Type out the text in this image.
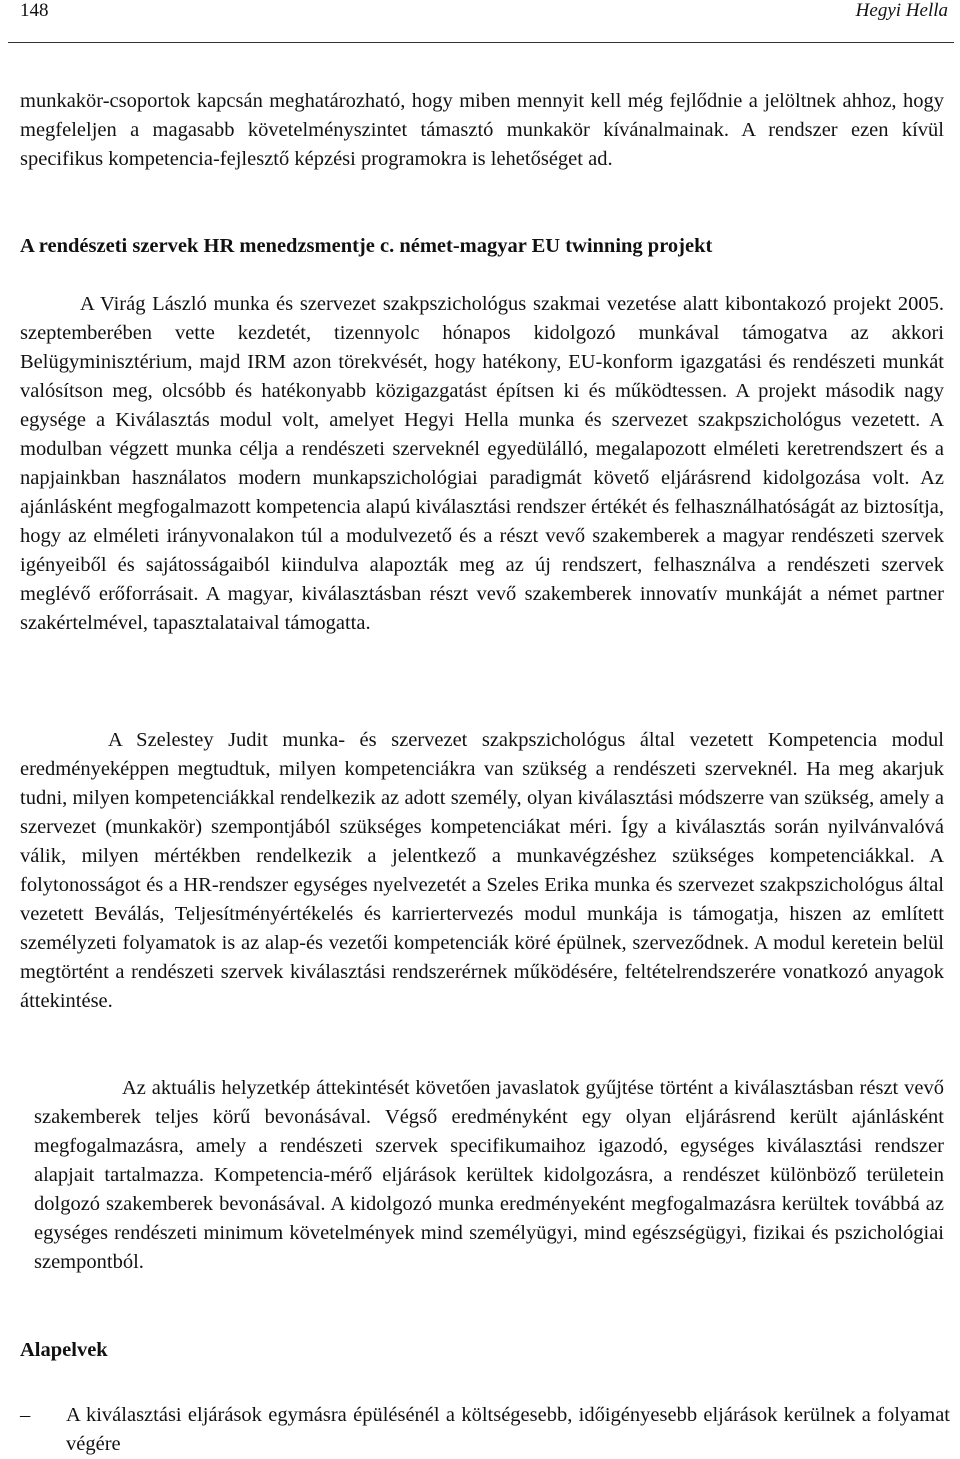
148	Hegyi Hella
munkakör-csoportok kapcsán meghatározható, hogy miben mennyit kell még fejlődnie a jelöltnek ahhoz, hogy megfeleljen a magasabb követelményszintet támasztó munkakör kívánalmainak. A rendszer ezen kívül specifikus kompetencia-fejlesztő képzési programokra is lehetőséget ad.
A rendészeti szervek HR menedzsmentje c. német-magyar EU twinning projekt
A Virág László munka és szervezet szakpszichológus szakmai vezetése alatt kibontakozó projekt 2005. szeptemberében vette kezdetét, tizennyolc hónapos kidolgozó munkával támogatva az akkori Belügyminisztérium, majd IRM azon törekvését, hogy hatékony, EU-konform igazgatási és rendészeti munkát valósítson meg, olcsóbb és hatékonyabb közigazgatást építsen ki és működtessen. A projekt második nagy egysége a Kiválasztás modul volt, amelyet Hegyi Hella munka és szervezet szakpszichológus vezetett. A modulban végzett munka célja a rendészeti szerveknél egyedülálló, megalapozott elméleti keretrendszert és a napjainkban használatos modern munkapszichológiai paradigmát követő eljárásrend kidolgozása volt. Az ajánlásként megfogalmazott kompetencia alapú kiválasztási rendszer értékét és felhasználhatóságát az biztosítja, hogy az elméleti irányvonalakon túl a modulvezető és a részt vevő szakemberek a magyar rendészeti szervek igényeiből és sajátosságaiból kiindulva alapozták meg az új rendszert, felhasználva a rendészeti szervek meglévő erőforrásait. A magyar, kiválasztásban részt vevő szakemberek innovatív munkáját a német partner szakértelmével, tapasztalataival támogatta.
A Szelestey Judit munka- és szervezet szakpszichológus által vezetett Kompetencia modul eredményeképpen megtudtuk, milyen kompetenciákra van szükség a rendészeti szerveknél. Ha meg akarjuk tudni, milyen kompetenciákkal rendelkezik az adott személy, olyan kiválasztási módszerre van szükség, amely a szervezet (munkakör) szempontjából szükséges kompetenciákat méri. Így a kiválasztás során nyilvánvalóvá válik, milyen mértékben rendelkezik a jelentkező a munkavégzéshez szükséges kompetenciákkal. A folytonosságot és a HR-rendszer egységes nyelvezetét a Szeles Erika munka és szervezet szakpszichológus által vezetett Beválás, Teljesítményértékelés és karriertervezés modul munkája is támogatja, hiszen az említett személyzeti folyamatok is az alap-és vezetői kompetenciák köré épülnek, szerveződnek. A modul keretein belül megtörtént a rendészeti szervek kiválasztási rendszerérnek működésére, feltételrendszerére vonatkozó anyagok áttekintése.
Az aktuális helyzetkép áttekintését követően javaslatok gyűjtése történt a kiválasztásban részt vevő szakemberek teljes körű bevonásával. Végső eredményként egy olyan eljárásrend került ajánlásként megfogalmazásra, amely a rendészeti szervek specifikumaihoz igazodó, egységes kiválasztási rendszer alapjait tartalmazza. Kompetencia-mérő eljárások kerültek kidolgozásra, a rendészet különböző területein dolgozó szakemberek bevonásával. A kidolgozó munka eredményeként megfogalmazásra kerültek továbbá az egységes rendészeti minimum követelmények mind személyügyi, mind egészségügyi, fizikai és pszichológiai szempontból.
Alapelvek
– A kiválasztási eljárások egymásra épülésénél a költségesebb, időigényesebb eljárások kerülnek a folyamat végére
